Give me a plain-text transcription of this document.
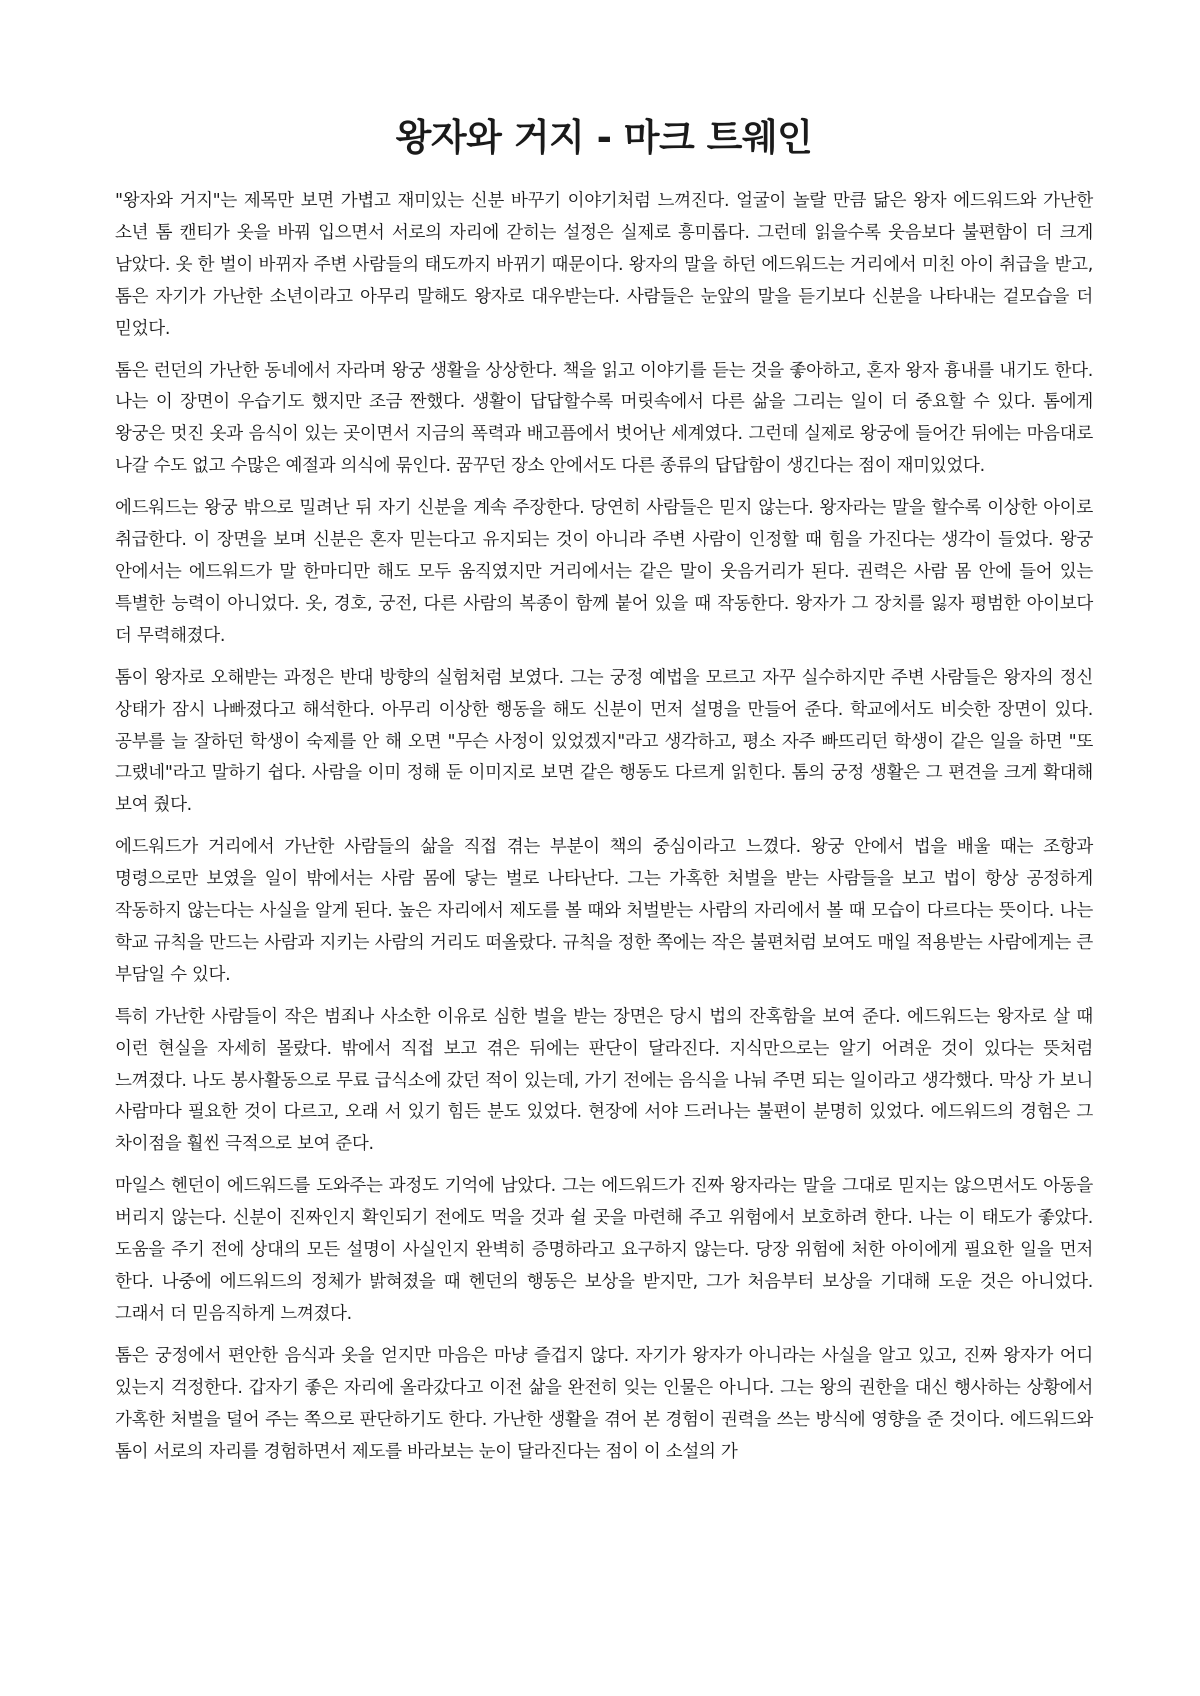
왕자와 거지 - 마크 트웨인

"왕자와 거지"는 제목만 보면 가볍고 재미있는 신분 바꾸기 이야기처럼 느껴진다. 얼굴이 놀랄 만큼 닮은 왕자 에드워드와 가난한 소년 톰 캔티가 옷을 바꿔 입으면서 서로의 자리에 갇히는 설정은 실제로 흥미롭다. 그런데 읽을수록 웃음보다 불편함이 더 크게 남았다. 옷 한 벌이 바뀌자 주변 사람들의 태도까지 바뀌기 때문이다. 왕자의 말을 하던 에드워드는 거리에서 미친 아이 취급을 받고, 톰은 자기가 가난한 소년이라고 아무리 말해도 왕자로 대우받는다. 사람들은 눈앞의 말을 듣기보다 신분을 나타내는 겉모습을 더 믿었다.

톰은 런던의 가난한 동네에서 자라며 왕궁 생활을 상상한다. 책을 읽고 이야기를 듣는 것을 좋아하고, 혼자 왕자 흉내를 내기도 한다. 나는 이 장면이 우습기도 했지만 조금 짠했다. 생활이 답답할수록 머릿속에서 다른 삶을 그리는 일이 더 중요할 수 있다. 톰에게 왕궁은 멋진 옷과 음식이 있는 곳이면서 지금의 폭력과 배고픔에서 벗어난 세계였다. 그런데 실제로 왕궁에 들어간 뒤에는 마음대로 나갈 수도 없고 수많은 예절과 의식에 묶인다. 꿈꾸던 장소 안에서도 다른 종류의 답답함이 생긴다는 점이 재미있었다.

에드워드는 왕궁 밖으로 밀려난 뒤 자기 신분을 계속 주장한다. 당연히 사람들은 믿지 않는다. 왕자라는 말을 할수록 이상한 아이로 취급한다. 이 장면을 보며 신분은 혼자 믿는다고 유지되는 것이 아니라 주변 사람이 인정할 때 힘을 가진다는 생각이 들었다. 왕궁 안에서는 에드워드가 말 한마디만 해도 모두 움직였지만 거리에서는 같은 말이 웃음거리가 된다. 권력은 사람 몸 안에 들어 있는 특별한 능력이 아니었다. 옷, 경호, 궁전, 다른 사람의 복종이 함께 붙어 있을 때 작동한다. 왕자가 그 장치를 잃자 평범한 아이보다 더 무력해졌다.

톰이 왕자로 오해받는 과정은 반대 방향의 실험처럼 보였다. 그는 궁정 예법을 모르고 자꾸 실수하지만 주변 사람들은 왕자의 정신 상태가 잠시 나빠졌다고 해석한다. 아무리 이상한 행동을 해도 신분이 먼저 설명을 만들어 준다. 학교에서도 비슷한 장면이 있다. 공부를 늘 잘하던 학생이 숙제를 안 해 오면 "무슨 사정이 있었겠지"라고 생각하고, 평소 자주 빠뜨리던 학생이 같은 일을 하면 "또 그랬네"라고 말하기 쉽다. 사람을 이미 정해 둔 이미지로 보면 같은 행동도 다르게 읽힌다. 톰의 궁정 생활은 그 편견을 크게 확대해 보여 줬다.

에드워드가 거리에서 가난한 사람들의 삶을 직접 겪는 부분이 책의 중심이라고 느꼈다. 왕궁 안에서 법을 배울 때는 조항과 명령으로만 보였을 일이 밖에서는 사람 몸에 닿는 벌로 나타난다. 그는 가혹한 처벌을 받는 사람들을 보고 법이 항상 공정하게 작동하지 않는다는 사실을 알게 된다. 높은 자리에서 제도를 볼 때와 처벌받는 사람의 자리에서 볼 때 모습이 다르다는 뜻이다. 나는 학교 규칙을 만드는 사람과 지키는 사람의 거리도 떠올랐다. 규칙을 정한 쪽에는 작은 불편처럼 보여도 매일 적용받는 사람에게는 큰 부담일 수 있다.

특히 가난한 사람들이 작은 범죄나 사소한 이유로 심한 벌을 받는 장면은 당시 법의 잔혹함을 보여 준다. 에드워드는 왕자로 살 때 이런 현실을 자세히 몰랐다. 밖에서 직접 보고 겪은 뒤에는 판단이 달라진다. 지식만으로는 알기 어려운 것이 있다는 뜻처럼 느껴졌다. 나도 봉사활동으로 무료 급식소에 갔던 적이 있는데, 가기 전에는 음식을 나눠 주면 되는 일이라고 생각했다. 막상 가 보니 사람마다 필요한 것이 다르고, 오래 서 있기 힘든 분도 있었다. 현장에 서야 드러나는 불편이 분명히 있었다. 에드워드의 경험은 그 차이점을 훨씬 극적으로 보여 준다.

마일스 헨던이 에드워드를 도와주는 과정도 기억에 남았다. 그는 에드워드가 진짜 왕자라는 말을 그대로 믿지는 않으면서도 아동을 버리지 않는다. 신분이 진짜인지 확인되기 전에도 먹을 것과 쉴 곳을 마련해 주고 위험에서 보호하려 한다. 나는 이 태도가 좋았다. 도움을 주기 전에 상대의 모든 설명이 사실인지 완벽히 증명하라고 요구하지 않는다. 당장 위험에 처한 아이에게 필요한 일을 먼저 한다. 나중에 에드워드의 정체가 밝혀졌을 때 헨던의 행동은 보상을 받지만, 그가 처음부터 보상을 기대해 도운 것은 아니었다. 그래서 더 믿음직하게 느껴졌다.

톰은 궁정에서 편안한 음식과 옷을 얻지만 마음은 마냥 즐겁지 않다. 자기가 왕자가 아니라는 사실을 알고 있고, 진짜 왕자가 어디 있는지 걱정한다. 갑자기 좋은 자리에 올라갔다고 이전 삶을 완전히 잊는 인물은 아니다. 그는 왕의 권한을 대신 행사하는 상황에서 가혹한 처벌을 덜어 주는 쪽으로 판단하기도 한다. 가난한 생활을 겪어 본 경험이 권력을 쓰는 방식에 영향을 준 것이다. 에드워드와 톰이 서로의 자리를 경험하면서 제도를 바라보는 눈이 달라진다는 점이 이 소설의 가
